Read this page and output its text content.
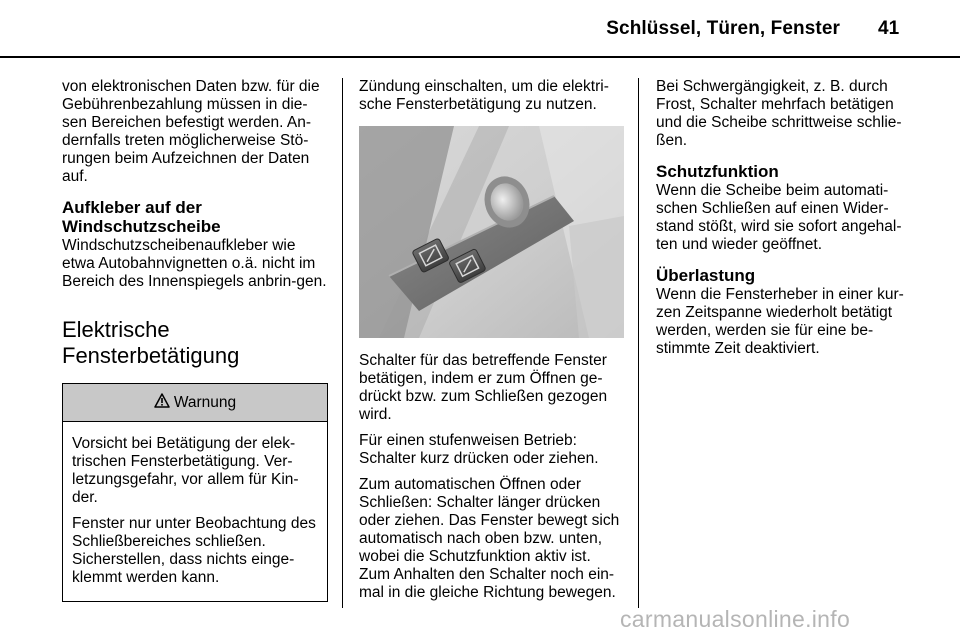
Schlüssel, Türen, Fenster 41

von elektronischen Daten bzw. für die Gebührenbezahlung müssen in die-sen Bereichen befestigt werden. An-dernfalls treten möglicherweise Stö-rungen beim Aufzeichnen der Daten auf.

Aufkleber auf der Windschutzscheibe

Windschutzscheibenaufkleber wie etwa Autobahnvignetten o.ä. nicht im Bereich des Innenspiegels anbrin-gen.

Elektrische Fensterbetätigung
Warnung

Vorsicht bei Betätigung der elek-trischen Fensterbetätigung. Ver-letzungsgefahr, vor allem für Kin-der.

Fenster nur unter Beobachtung des Schließbereiches schließen. Sicherstellen, dass nichts einge-klemmt werden kann.

Zündung einschalten, um die elektri-sche Fensterbetätigung zu nutzen.

Schalter für das betreffende Fenster betätigen, indem er zum Öffnen ge-drückt bzw. zum Schließen gezogen wird.

Für einen stufenweisen Betrieb: Schalter kurz drücken oder ziehen.

Zum automatischen Öffnen oder Schließen: Schalter länger drücken oder ziehen. Das Fenster bewegt sich automatisch nach oben bzw. unten, wobei die Schutzfunktion aktiv ist. Zum Anhalten den Schalter noch ein-mal in die gleiche Richtung bewegen.

Bei Schwergängigkeit, z. B. durch Frost, Schalter mehrfach betätigen und die Scheibe schrittweise schlie-ßen.

Schutzfunktion

Wenn die Scheibe beim automati-schen Schließen auf einen Wider-stand stößt, wird sie sofort angehal-ten und wieder geöffnet.

Überlastung

Wenn die Fensterheber in einer kur-zen Zeitspanne wiederholt betätigt werden, werden sie für eine be-stimmte Zeit deaktiviert.

carmanualsonline.info
